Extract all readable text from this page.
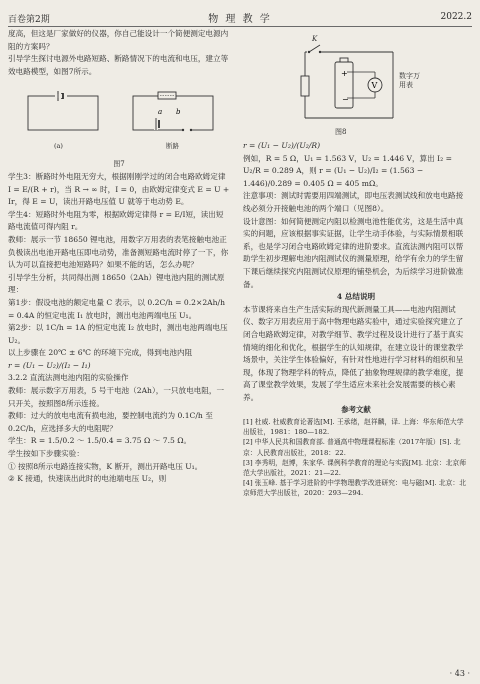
百卷第2期	物 理 教 学	2022.2

度高，但这是厂家做好的仪器，你自己能设计一个简便测定电源内阻的方案吗？

引导学生探讨电源外电路短路、断路情况下的电流和电压，建立等效电路模型，如图7所示。

a b
(a)	断路

图7

学生3：断路时外电阻无穷大，根据刚刚学过的闭合电路欧姆定律 I = E/(R + r)，当 R → ∞ 时，I = 0，由欧姆定律变式 E = U + Ir，得 E = U，读出开路电压值 U 就等于电动势 E。

学生4：短路时外电阻为零，根据欧姆定律得 r = E/I短，读出短路电流值可得内阻 r。

教师：展示一节 18650 锂电池，用数字万用表的表笔接触电池正负极读出电池开路电压即电动势，准备测短路电流时停了一下，你认为可以直接把电池短路吗？如果不能的话，怎么办呢？

引导学生分析，共同得出测 18650（2Ah）锂电池内阻的测试原理：

第1步：假设电池的额定电量 C 表示，以 0.2C/h = 0.2×2Ah/h = 0.4A 的恒定电流 I₁ 放电时，测出电池两端电压 U₁。

第2步：以 1C/h = 1A 的恒定电流 I₂ 放电时，测出电池两端电压 U₂。

以上步骤在 20℃ ± 6℃ 的环境下完成，得到电池内阻

r = (U₁ − U₂)/(I₂ − I₁)

3.2.2 直流法测电池内阻的实验操作

教师：展示数字万用表，5 号干电池（2Ah），一只放电电阻，一只开关，按照图8所示连接。

教师：过大的放电电流有损电池，要控制电流约为 0.1C/h 至 0.2C/h，应选择多大的电阻呢？

学生：R = 1.5/0.2 ～ 1.5/0.4 = 3.75 Ω ～ 7.5 Ω。

学生按如下步骤实验：

① 按照8所示电路连接实物，K 断开，测出开路电压 U₁。

② K 接通，快速读出此时的电池端电压 U₂，则

+
−
V
K
数字万用表
图8

r = (U₁ − U₂)/(U₂/R)

例如，R = 5 Ω，U₁ = 1.563 V，U₂ = 1.446 V，算出 I₂ = U₂/R = 0.289 A，则 r = (U₁ − U₂)/I₂ = (1.563 − 1.446)/0.289 = 0.405 Ω = 405 mΩ。

注意事项：测试时需要用四端测试，即电压表测试线和放电电路接线必须分开接触电池的两个端口（见图8）。

设计意图：如何简便测定内阻以检测电池性能优劣，这是生活中真实的问题，应该根据事实证据，让学生动手体验，与实际情景相联系，也是学习闭合电路欧姆定律的进阶要求。直流法测内阻可以帮助学生初步理解电池内阻测试仪的测量原理，给学有余力的学生留下课后继续探究内阻测试仪原理的铺垫机会，为后续学习进阶做准备。

4 总结说明

本节课将来自生产生活实际的现代新测量工具——电池内阻测试仪、数字万用表应用于高中物理电路实验中，通过实验探究建立了闭合电路欧姆定律，对教学细节、教学过程及设计进行了基于真实情境的细化和优化，根据学生的认知规律，在建立设计的课堂教学场景中，关注学生体验偏好，有针对性地进行学习材料的组织和呈现，体现了物理学科的特点，降低了抽象物理规律的教学难度，提高了课堂教学效果，发展了学生适应未来社会发展需要的核心素养。

参考文献

[1] 杜威. 杜威教育论著选[M]. 王承绪，赵祥麟，译. 上海：华东师范大学出版社，1981：180—182.

[2] 中华人民共和国教育部. 普通高中物理课程标准（2017年版）[S]. 北京：人民教育出版社，2018：22.

[3] 李秀明，赵博，朱家华. 课例科学教育的理论与实践[M]. 北京：北京师范大学出版社，2021：21—22.

[4] 张玉峰. 基于学习进阶的中学物理教学改进研究：电与磁[M]. 北京：北京师范大学出版社，2020：293—294.

· 43 ·
